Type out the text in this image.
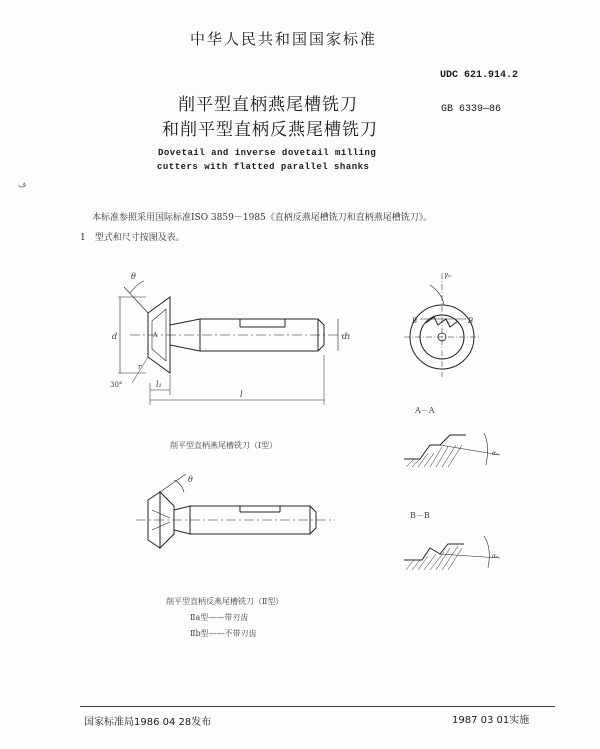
中华人民共和国国家标准
UDC 621.914.2
GB 6339—86
削平型直柄燕尾槽铣刀
和削平型直柄反燕尾槽铣刀
Dovetail and inverse dovetail milling
cutters with flatted parallel shanks
ف
本标准参照采用国际标准ISO 3859－1985《直柄反燕尾槽铣刀和直柄燕尾槽铣刀》。
1　型式和尺寸按图及表。
θ
d	d₁
l
l₁
r
30°
A
γₒ
B	B
削平型直柄燕尾槽铣刀（Ⅰ型）
A－A
αₒ
θ
B－B
αₒ
削平型直柄反燕尾槽铣刀（Ⅱ型）
Ⅱa型——带刃齿
Ⅱb型——不带刃齿
国家标准局1986 04 28发布	1987 03 01实施
